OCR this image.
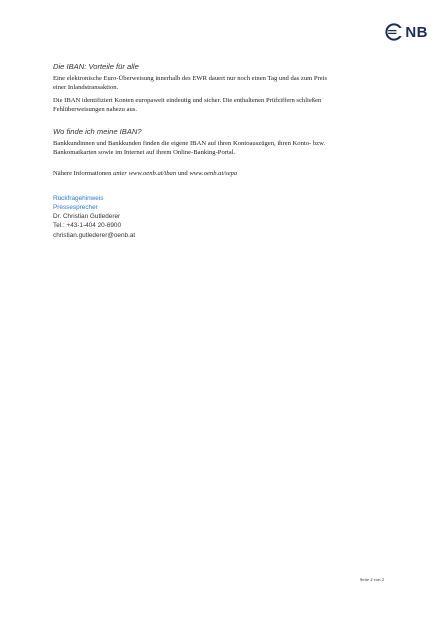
NB
Die IBAN: Vorteile für alle

Eine elektronische Euro-Überweisung innerhalb des EWR dauert nur noch einen Tag und das zum Preis
einer Inlandstransaktion.

Die IBAN identifiziert Konten europaweit eindeutig und sicher. Die enthaltenen Prüfziffern schließen
Fehlüberweisungen nahezu aus.

Wo finde ich meine IBAN?

Bankkundinnen und Bankkunden finden die eigene IBAN auf ihren Kontoauszügen, ihren Konto- bzw.
Bankomatkarten sowie im Internet auf ihrem Online-Banking-Portal.

Nähere Informationen unter www.oenb.at/iban und www.oenb.at/sepa

Rückfragehinweis
Pressesprecher
Dr. Christian Gutlederer
Tel.: +43-1-404 20-6900
christian.gutlederer@oenb.at
Seite 2 von 2
